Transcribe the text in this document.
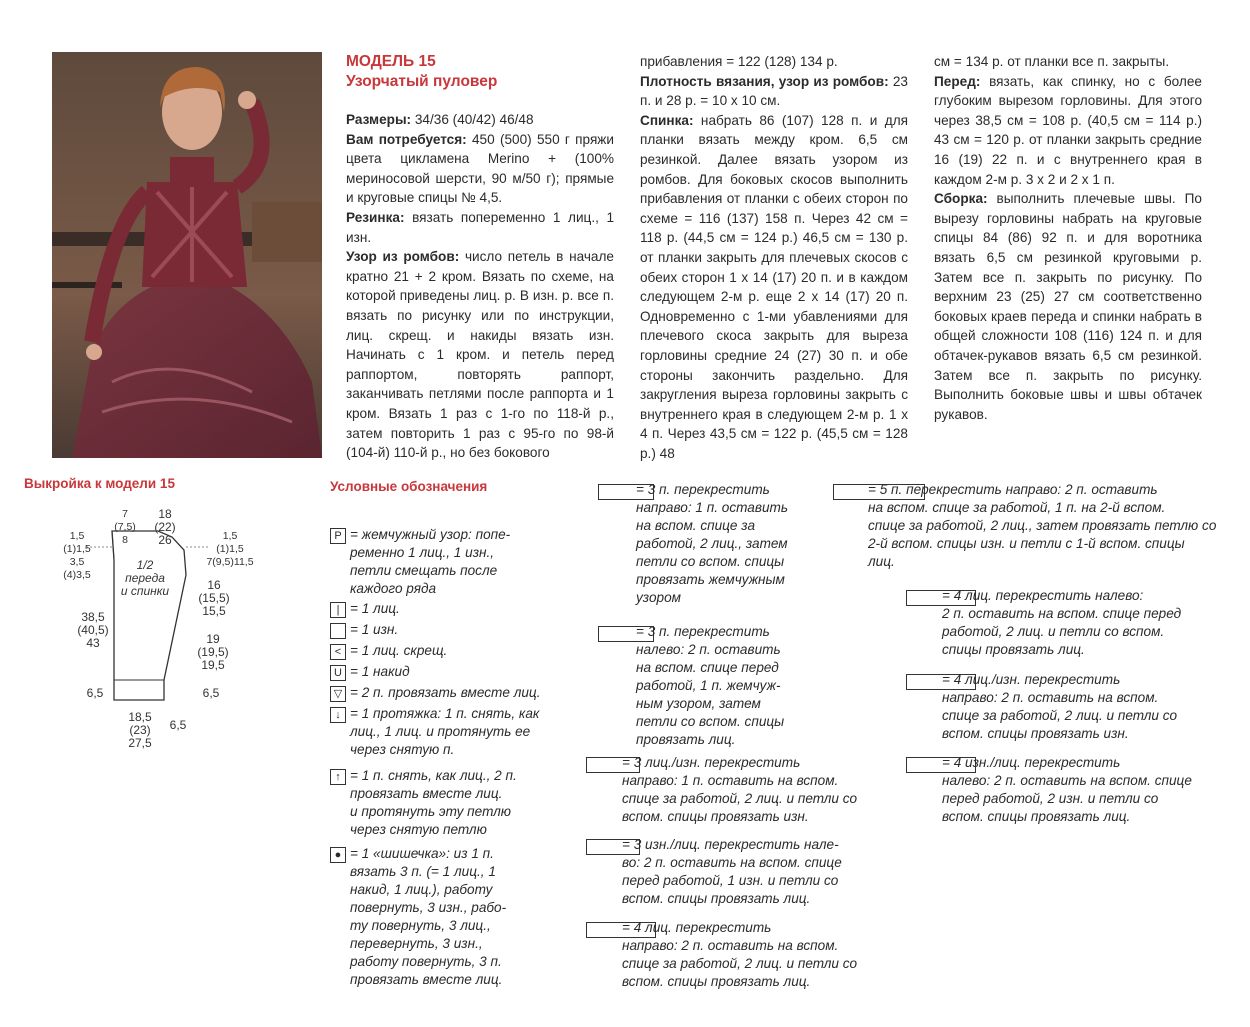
МОДЕЛЬ 15
Узорчатый пуловер

Размеры: 34/36 (40/42) 46/48

Вам потребуется: 450 (500) 550 г пряжи цвета цикламена Merino + (100% мериносовой шерсти, 90 м/50 г); прямые и круговые спицы № 4,5.

Резинка: вязать попеременно 1 лиц., 1 изн.

Узор из ромбов: число петель в начале кратно 21 + 2 кром. Вязать по схеме, на которой приведены лиц. р. В изн. р. все п. вязать по рисунку или по инструкции, лиц. скрещ. и накиды вязать изн. Начинать с 1 кром. и петель перед раппортом, повторять раппорт, заканчивать петлями после раппорта и 1 кром. Вязать 1 раз с 1-го по 118-й р., затем повторить 1 раз с 95-го по 98-й (104-й) 110-й р., но без бокового

прибавления = 122 (128) 134 р.

Плотность вязания, узор из ромбов: 23 п. и 28 р. = 10 х 10 см.

Спинка: набрать 86 (107) 128 п. и для планки вязать между кром. 6,5 см резинкой. Далее вязать узором из ромбов. Для боковых скосов выполнить прибавления от планки с обеих сторон по схеме = 116 (137) 158 п. Через 42 см = 118 р. (44,5 см = 124 р.) 46,5 см = 130 р. от планки закрыть для плечевых скосов с обеих сторон 1 х 14 (17) 20 п. и в каждом следующем 2-м р. еще 2 х 14 (17) 20 п. Одновременно с 1-ми убавлениями для плечевого скоса закрыть для выреза горловины средние 24 (27) 30 п. и обе стороны закончить раздельно. Для закругления выреза горловины закрыть с внутреннего края в следующем 2-м р. 1 х 4 п. Через 43,5 см = 122 р. (45,5 см = 128 р.) 48

см = 134 р. от планки все п. закрыты.

Перед: вязать, как спинку, но с более глубоким вырезом горловины. Для этого через 38,5 см = 108 р. (40,5 см = 114 р.) 43 см = 120 р. от планки закрыть средние 16 (19) 22 п. и с внутреннего края в каждом 2-м р. 3 х 2 и 2 х 1 п.

Сборка: выполнить плечевые швы. По вырезу горловины набрать на круговые спицы 84 (86) 92 п. и для воротника вязать 6,5 см резинкой круговыми р. Затем все п. закрыть по рисунку. По верхним 23 (25) 27 см соответственно боковых краев переда и спинки набрать в общей сложности 108 (116) 124 п. и для обтачек-рукавов вязать 6,5 см резинкой. Затем все п. закрыть по рисунку. Выполнить боковые швы и швы обтачек рукавов.

Выкройка к модели 15
7
(7,5)
8
18
(22)
26
1,5
(1)1,5
3,5
(4)3,5
1,5
(1)1,5
7(9,5)11,5
1/2
переда
и спинки	16
(15,5)
15,5
38,5
(40,5)
43	19
(19,5)
19,5
6,5	6,5
18,5
(23)
27,5
6,5
Условные обозначения
P = жемчужный узор: попе-
ременно 1 лиц., 1 изн.,
петли смещать после
каждого ряда
| = 1 лиц.
= 1 изн.
< = 1 лиц. скрещ.
U = 1 накид
▽ = 2 п. провязать вместе лиц.
↓ = 1 протяжка: 1 п. снять, как
лиц., 1 лиц. и протянуть ее
через снятую п.
↑ = 1 п. снять, как лиц., 2 п.
провязать вместе лиц.
и протянуть эту петлю
через снятую петлю
● = 1 «шишечка»: из 1 п.
вязать 3 п. (= 1 лиц., 1
накид, 1 лиц.), работу
повернуть, 3 изн., рабо-
ту повернуть, 3 лиц.,
перевернуть, 3 изн.,
работу повернуть, 3 п.
провязать вместе лиц.
= 3 п. перекрестить
направо: 1 п. оставить
на вспом. спице за
работой, 2 лиц., затем
петли со вспом. спицы
провязать жемчужным
узором
= 3 п. перекрестить
налево: 2 п. оставить
на вспом. спице перед
работой, 1 п. жемчуж-
ным узором, затем
петли со вспом. спицы
провязать лиц.
= 3 лиц./изн. перекрестить
направо: 1 п. оставить на вспом.
спице за работой, 2 лиц. и петли со
вспом. спицы провязать изн.
= 3 изн./лиц. перекрестить нале-
во: 2 п. оставить на вспом. спице
перед работой, 1 изн. и петли со
вспом. спицы провязать лиц.
= 4 лиц. перекрестить
направо: 2 п. оставить на вспом.
спице за работой, 2 лиц. и петли со
вспом. спицы провязать лиц.
= 5 п. перекрестить направо: 2 п. оставить
на вспом. спице за работой, 1 п. на 2-й вспом.
спице за работой, 2 лиц., затем провязать петлю со
2-й вспом. спицы изн. и петли с 1-й вспом. спицы
лиц.
= 4 лиц. перекрестить налево:
2 п. оставить на вспом. спице перед
работой, 2 лиц. и петли со вспом.
спицы провязать лиц.
= 4 лиц./изн. перекрестить
направо: 2 п. оставить на вспом.
спице за работой, 2 лиц. и петли со
вспом. спицы провязать изн.
= 4 изн./лиц. перекрестить
налево: 2 п. оставить на вспом. спице
перед работой, 2 изн. и петли со
вспом. спицы провязать лиц.
